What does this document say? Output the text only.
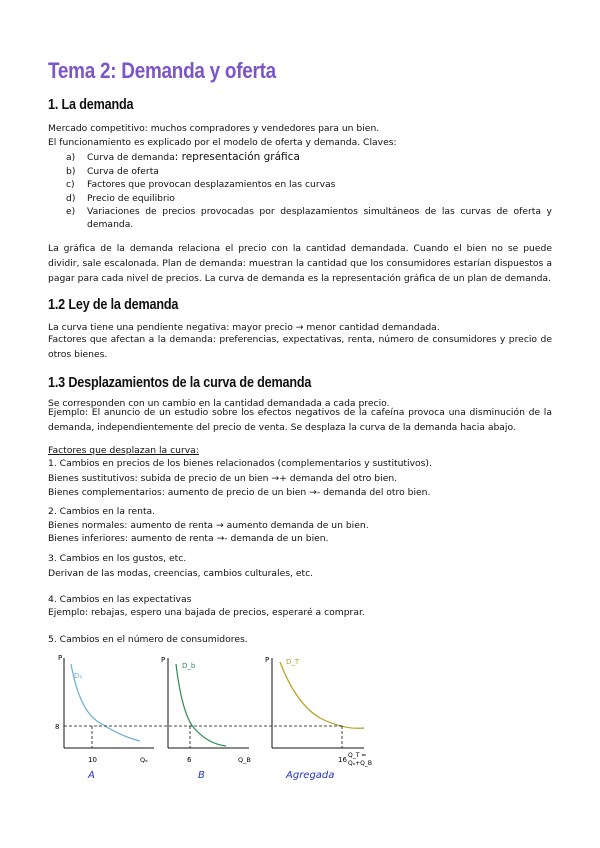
Tema 2: Demanda y oferta
1. La demanda
Mercado competitivo: muchos compradores y vendedores para un bien.
El funcionamiento es explicado por el modelo de oferta y demanda. Claves:
a) Curva de demanda: representación gráfica
b) Curva de oferta
c) Factores que provocan desplazamientos en las curvas
d) Precio de equilibrio
e) Variaciones de precios provocadas por desplazamientos simultáneos de las curvas de oferta y demanda.
La gráfica de la demanda relaciona el precio con la cantidad demandada. Cuando el bien no se puede dividir, sale escalonada. Plan de demanda: muestran la cantidad que los consumidores estarían dispuestos a pagar para cada nivel de precios. La curva de demanda es la representación gráfica de un plan de demanda.
1.2 Ley de la demanda
La curva tiene una pendiente negativa: mayor precio → menor cantidad demandada.
Factores que afectan a la demanda: preferencias, expectativas, renta, número de consumidores y precio de otros bienes.
1.3 Desplazamientos de la curva de demanda
Se corresponden con un cambio en la cantidad demandada a cada precio.
Ejemplo: El anuncio de un estudio sobre los efectos negativos de la cafeína provoca una disminución de la demanda, independientemente del precio de venta. Se desplaza la curva de la demanda hacia abajo.
Factores que desplazan la curva:
1. Cambios en precios de los bienes relacionados (complementarios y sustitutivos).
Bienes sustitutivos: subida de precio de un bien →+ demanda del otro bien.
Bienes complementarios: aumento de precio de un bien →- demanda del otro bien.
2. Cambios en la renta.
Bienes normales: aumento de renta → aumento demanda de un bien.
Bienes inferiores: aumento de renta →- demanda de un bien.
3. Cambios en los gustos, etc.
Derivan de las modas, creencias, cambios culturales, etc.
4. Cambios en las expectativas
Ejemplo: rebajas, espero una bajada de precios, esperaré a comprar.
5. Cambios en el número de consumidores.
P
Dₐ
8
10	Qₐ
A
P
D_b
6	Q_B
B
P D_T
16
Q_T =
Qₐ+Q_B
Agregada
